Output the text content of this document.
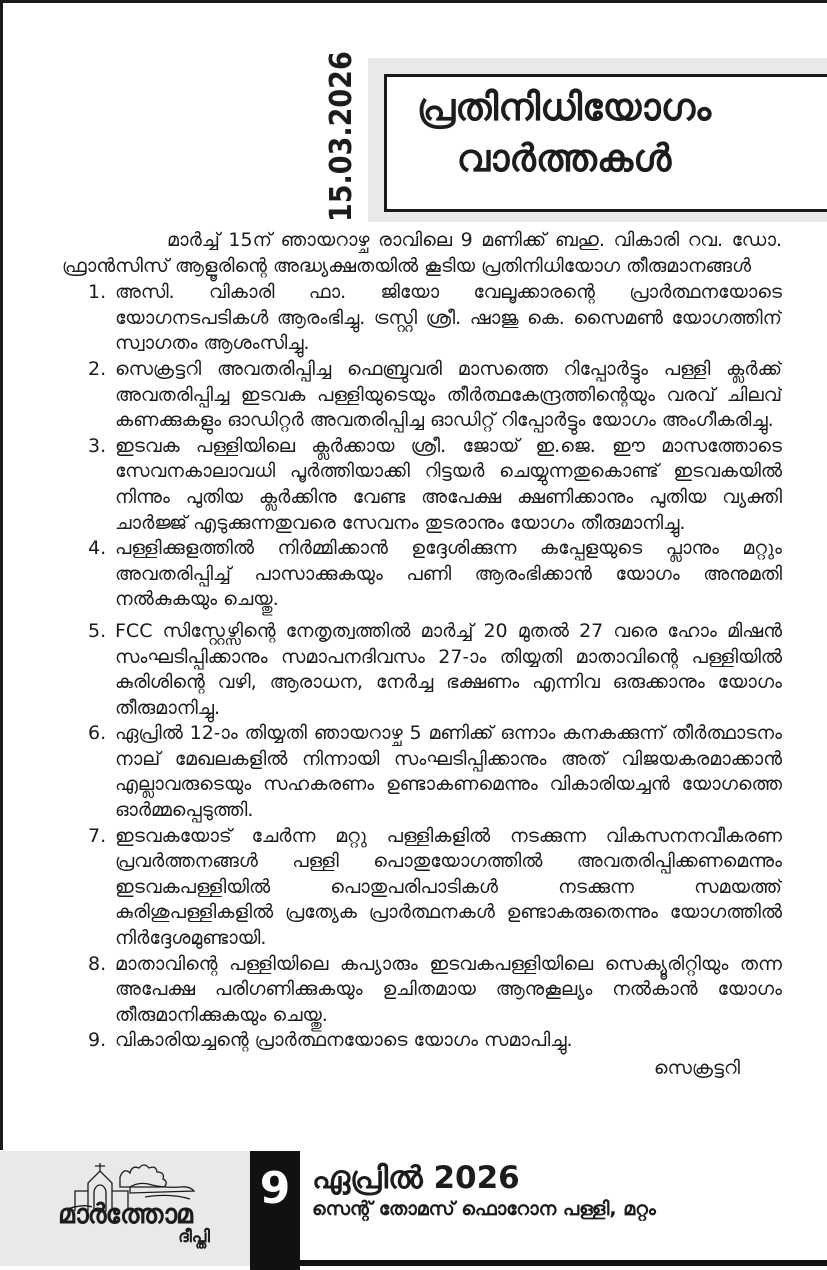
15.03.2026	പ്രതിനിധിയോഗം
വാർത്തകൾ

മാർച്ച് 15ന് ഞായറാഴ്ച രാവിലെ 9 മണിക്ക് ബഹു. വികാരി റവ. ഡോ. ഫ്രാൻസിസ് ആളൂരിന്റെ അദ്ധ്യക്ഷതയിൽ കൂടിയ പ്രതിനിധിയോഗ തീരുമാനങ്ങൾ

1. അസി. വികാരി ഫാ. ജിയോ വേലൂക്കാരന്റെ പ്രാർത്ഥനയോടെ യോഗനടപടികൾ ആരംഭിച്ചു. ട്രസ്റ്റി ശ്രീ. ഷാജു കെ. സൈമൺ യോഗത്തിന് സ്വാഗതം ആശംസിച്ചു.
2. സെക്രട്ടറി അവതരിപ്പിച്ച ഫെബ്രുവരി മാസത്തെ റിപ്പോർട്ടും പള്ളി ക്ലർക്ക് അവതരിപ്പിച്ച ഇടവക പള്ളിയുടെയും തീർത്ഥകേന്ദ്രത്തിന്റെയും വരവ് ചിലവ് കണക്കുകളും ഓഡിറ്റർ അവതരിപ്പിച്ച ഓഡിറ്റ് റിപ്പോർട്ടും യോഗം അംഗീകരിച്ചു.
3. ഇടവക പള്ളിയിലെ ക്ലർക്കായ ശ്രീ. ജോയ് ഇ.ജെ. ഈ മാസത്തോടെ സേവനകാലാവധി പൂർത്തിയാക്കി റിട്ടയർ ചെയ്യുന്നതുകൊണ്ട് ഇടവകയിൽ നിന്നും പുതിയ ക്ലർക്കിനു വേണ്ട അപേക്ഷ ക്ഷണിക്കാനും പുതിയ വ്യക്തി ചാർജ്ജ് എടുക്കുന്നതുവരെ സേവനം തുടരാനും യോഗം തീരുമാനിച്ചു.
4. പള്ളിക്കുളത്തിൽ നിർമ്മിക്കാൻ ഉദ്ദേശിക്കുന്ന കപ്പേളയുടെ പ്ലാനും മറ്റും അവതരിപ്പിച്ച് പാസാക്കുകയും പണി ആരംഭിക്കാൻ യോഗം അനുമതി നൽകുകയും ചെയ്തു.
5. FCC സിസ്റ്റേഴ്സിന്റെ നേതൃത്വത്തിൽ മാർച്ച് 20 മുതൽ 27 വരെ ഹോം മിഷൻ സംഘടിപ്പിക്കാനും സമാപനദിവസം 27-ാം തിയ്യതി മാതാവിന്റെ പള്ളിയിൽ കുരിശിന്റെ വഴി, ആരാധന, നേർച്ച ഭക്ഷണം എന്നിവ ഒരുക്കാനും യോഗം തീരുമാനിച്ചു.
6. ഏപ്രിൽ 12-ാം തിയ്യതി ഞായറാഴ്ച 5 മണിക്ക് ഒന്നാം കനകക്കുന്ന് തീർത്ഥാടനം നാല് മേഖലകളിൽ നിന്നായി സംഘടിപ്പിക്കാനും അത് വിജയകരമാക്കാൻ എല്ലാവരുടെയും സഹകരണം ഉണ്ടാകണമെന്നും വികാരിയച്ചൻ യോഗത്തെ ഓർമ്മപ്പെടുത്തി.
7. ഇടവകയോട് ചേർന്ന മറ്റു പള്ളികളിൽ നടക്കുന്ന വികസനനവീകരണ പ്രവർത്തനങ്ങൾ പള്ളി പൊതുയോഗത്തിൽ അവതരിപ്പിക്കണമെന്നും ഇടവകപള്ളിയിൽ പൊതുപരിപാടികൾ നടക്കുന്ന സമയത്ത് കുരിശുപള്ളികളിൽ പ്രത്യേക പ്രാർത്ഥനകൾ ഉണ്ടാകരുതെന്നും യോഗത്തിൽ നിർദ്ദേശമുണ്ടായി.
8. മാതാവിന്റെ പള്ളിയിലെ കപ്യാരും ഇടവകപള്ളിയിലെ സെക്യൂരിറ്റിയും തന്ന അപേക്ഷ പരിഗണിക്കുകയും ഉചിതമായ ആനുകൂല്യം നൽകാൻ യോഗം തീരുമാനിക്കുകയും ചെയ്തു.
9. വികാരിയച്ചന്റെ പ്രാർത്ഥനയോടെ യോഗം സമാപിച്ചു.
സെക്രട്ടറി
മാർത്തോമ
ദീപ്തി
9 ഏപ്രിൽ 2026
സെന്റ് തോമസ് ഫൊറോന പള്ളി, മറ്റം
